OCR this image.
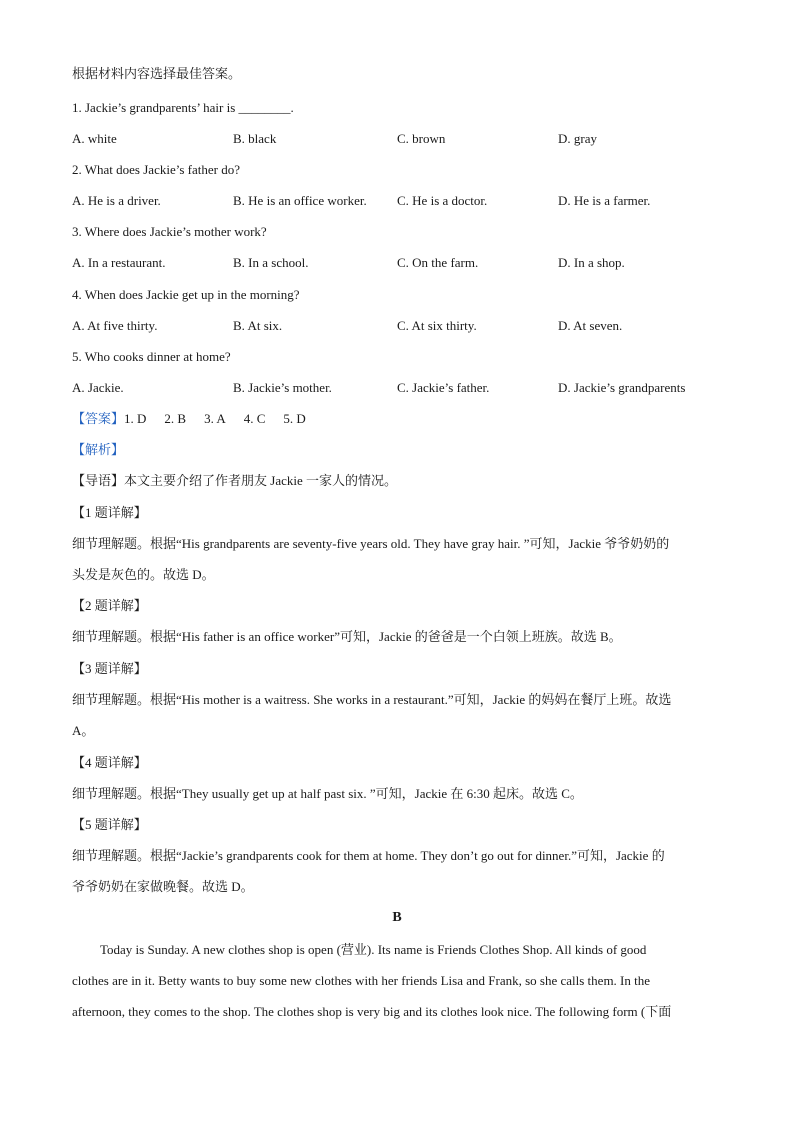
根据材料内容选择最佳答案。
1. Jackie’s grandparents’ hair is ________.
A. white	B. black	C. brown	D. gray
2. What does Jackie’s father do?
A. He is a driver.	B. He is an office worker. C. He is a doctor.	D. He is a farmer.
3. Where does Jackie’s mother work?
A. In a restaurant.	B. In a school.	C. On the farm.	D. In a shop.
4. When does Jackie get up in the morning?
A. At five thirty.	B. At six.	C. At six thirty.	D. At seven.
5. Who cooks dinner at home?
A. Jackie.	B. Jackie’s mother.	C. Jackie’s father.	D. Jackie’s grandparents
【答案】1. D 2. B 3. A 4. C 5. D
【解析】
【导语】本文主要介绍了作者朋友 Jackie 一家人的情况。
【1 题详解】
细节理解题。根据“His grandparents are seventy-five years old. They have gray hair. ”可知，Jackie 爷爷奶奶的
头发是灰色的。故选 D。
【2 题详解】
细节理解题。根据“His father is an office worker”可知，Jackie 的爸爸是一个白领上班族。故选 B。
【3 题详解】
细节理解题。根据“His mother is a waitress. She works in a restaurant.”可知，Jackie 的妈妈在餐厅上班。故选
A。
【4 题详解】
细节理解题。根据“They usually get up at half past six. ”可知，Jackie 在 6:30 起床。故选 C。
【5 题详解】
细节理解题。根据“Jackie’s grandparents cook for them at home. They don’t go out for dinner.”可知，Jackie 的
爷爷奶奶在家做晚餐。故选 D。
B
Today is Sunday. A new clothes shop is open (营业). Its name is Friends Clothes Shop. All kinds of good
clothes are in it. Betty wants to buy some new clothes with her friends Lisa and Frank, so she calls them. In the
afternoon, they comes to the shop. The clothes shop is very big and its clothes look nice. The following form (下面
